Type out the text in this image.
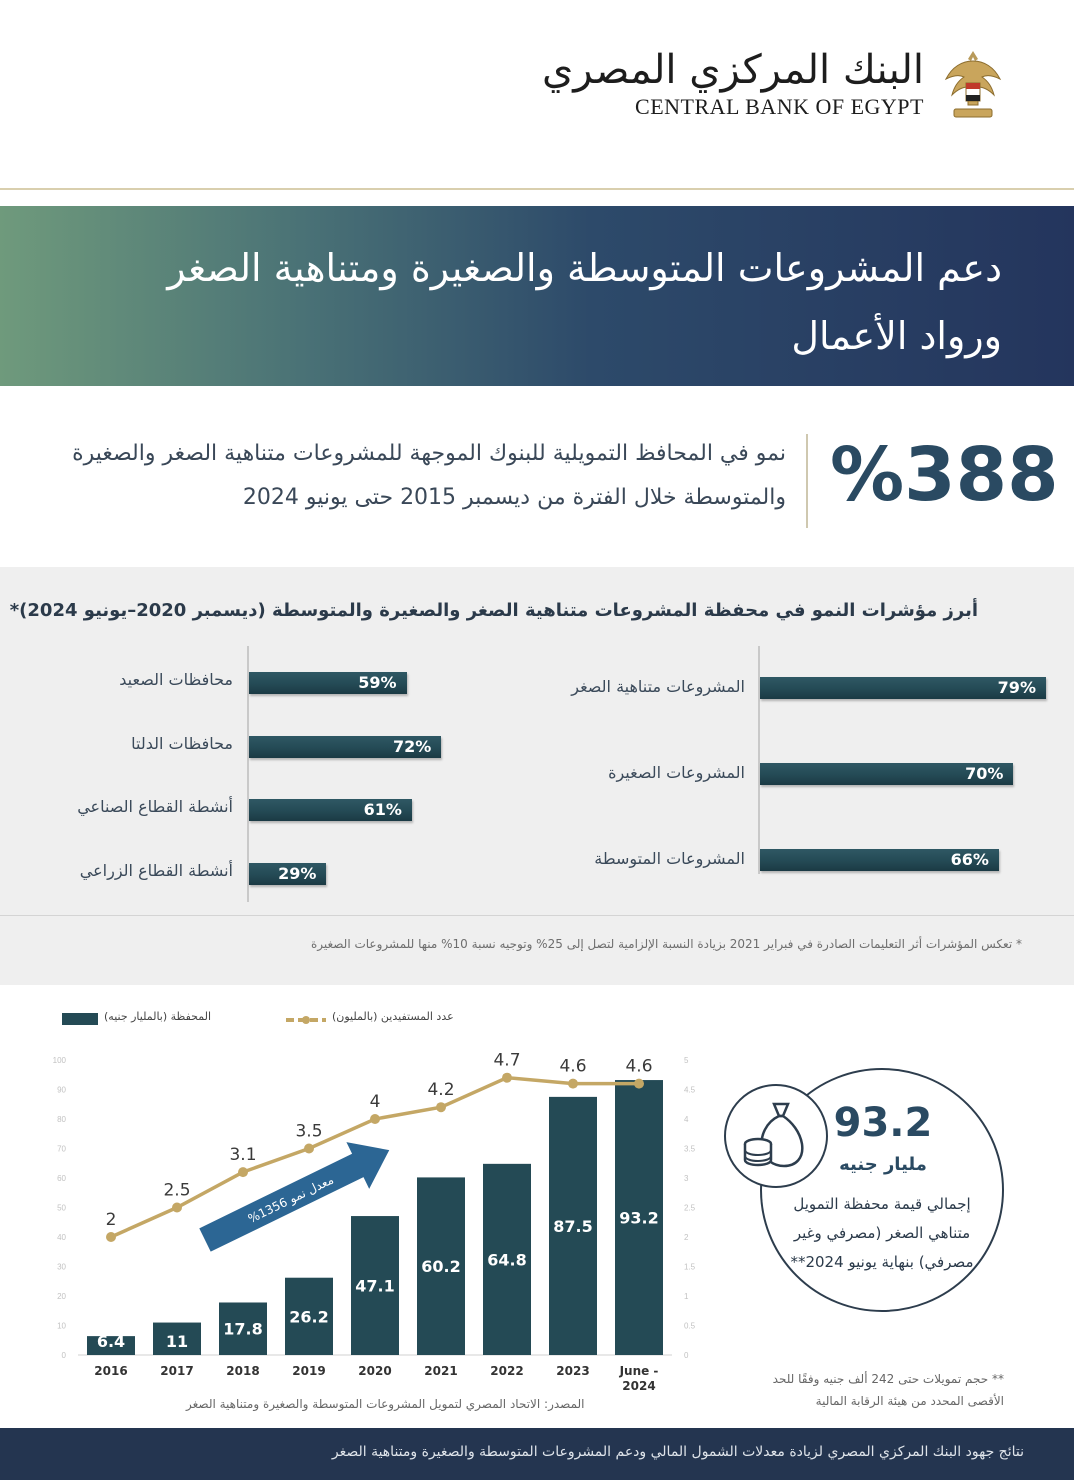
البنك المركزي المصري
CENTRAL BANK OF EGYPT
دعم المشروعات المتوسطة والصغيرة ومتناهية الصغر
ورواد الأعمال
%388
نمو في المحافظ التمويلية للبنوك الموجهة للمشروعات متناهية الصغر والصغيرة والمتوسطة خلال الفترة من ديسمبر 2015 حتى يونيو 2024
أبرز مؤشرات النمو في محفظة المشروعات متناهية الصغر والصغيرة والمتوسطة (ديسمبر 2020–يونيو 2024)*
المشروعات متناهية الصغر	79%
المشروعات الصغيرة	70%
المشروعات المتوسطة	66%
محافظات الصعيد	59%
محافظات الدلتا	72%
أنشطة القطاع الصناعي	61%
أنشطة القطاع الزراعي	29%
* تعكس المؤشرات أثر التعليمات الصادرة في فبراير 2021 بزيادة النسبة الإلزامية لتصل إلى 25% وتوجيه نسبة 10% منها للمشروعات الصغيرة
المحفظة (بالمليار جنيه)	عدد المستفيدين (بالمليون)
0
10
20
30
40
50
60
70
80
90
100
0
0.5
1
1.5
2
2.5
3
3.5
4
4.5
5
6.4	11
17.8
26.2
47.1
60.2 64.8
87.5 93.2
معدل نمو 1356%
2
2.5
3.1
3.5
4
4.2
4.7 4.6 4.6
2016	2017	2018	2019	2020	2021	2022	2023 June -
2024
المصدر: الاتحاد المصري لتمويل المشروعات المتوسطة والصغيرة ومتناهية الصغر
93.2
مليار جنيه
إجمالي قيمة محفظة التمويل متناهي الصغر (مصرفي وغير مصرفي) بنهاية يونيو 2024**
** حجم تمويلات حتى 242 ألف جنيه وفقًا للحد الأقصى المحدد من هيئة الرقابة المالية
نتائج جهود البنك المركزي المصري لزيادة معدلات الشمول المالي ودعم المشروعات المتوسطة والصغيرة ومتناهية الصغر
